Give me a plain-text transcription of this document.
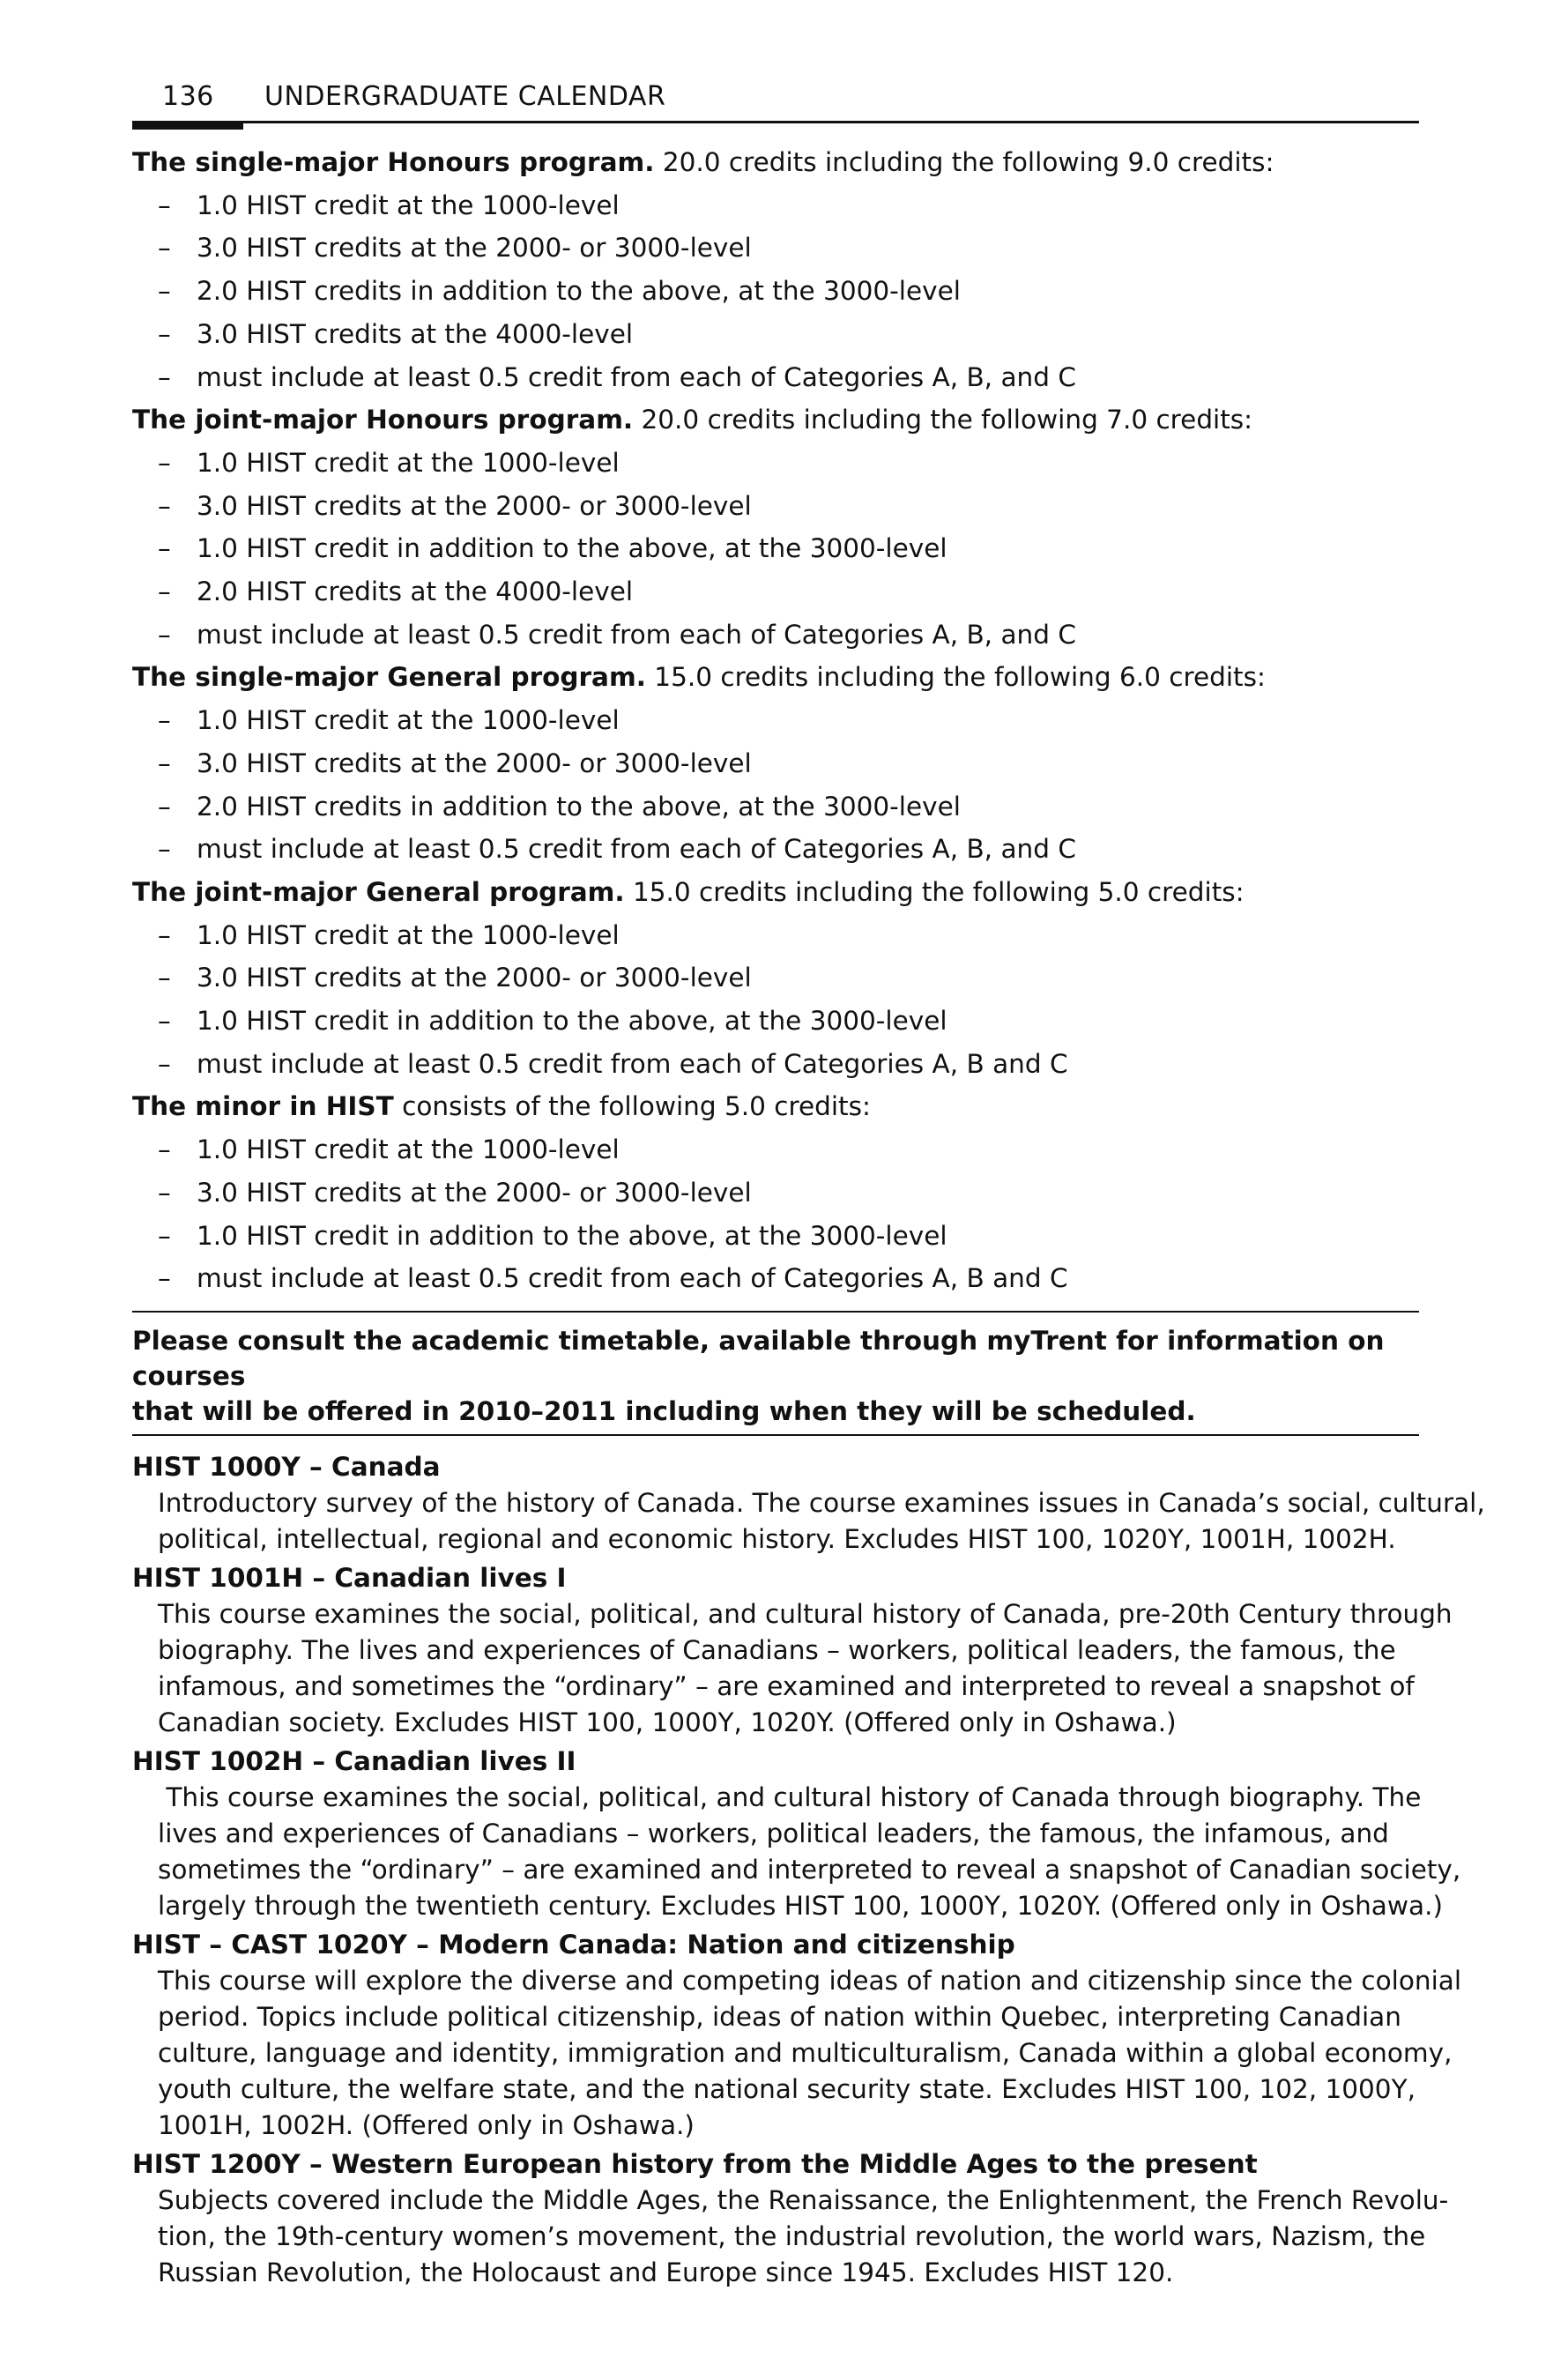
136 UNDERGRADUATE CALENDAR
The single-major Honours program. 20.0 credits including the following 9.0 credits:
– 1.0 HIST credit at the 1000-level
– 3.0 HIST credits at the 2000- or 3000-level
– 2.0 HIST credits in addition to the above, at the 3000-level
– 3.0 HIST credits at the 4000-level
– must include at least 0.5 credit from each of Categories A, B, and C
The joint-major Honours program. 20.0 credits including the following 7.0 credits:
– 1.0 HIST credit at the 1000-level
– 3.0 HIST credits at the 2000- or 3000-level
– 1.0 HIST credit in addition to the above, at the 3000-level
– 2.0 HIST credits at the 4000-level
– must include at least 0.5 credit from each of Categories A, B, and C
The single-major General program. 15.0 credits including the following 6.0 credits:
– 1.0 HIST credit at the 1000-level
– 3.0 HIST credits at the 2000- or 3000-level
– 2.0 HIST credits in addition to the above, at the 3000-level
– must include at least 0.5 credit from each of Categories A, B, and C
The joint-major General program. 15.0 credits including the following 5.0 credits:
– 1.0 HIST credit at the 1000-level
– 3.0 HIST credits at the 2000- or 3000-level
– 1.0 HIST credit in addition to the above, at the 3000-level
– must include at least 0.5 credit from each of Categories A, B and C
The minor in HIST consists of the following 5.0 credits:
– 1.0 HIST credit at the 1000-level
– 3.0 HIST credits at the 2000- or 3000-level
– 1.0 HIST credit in addition to the above, at the 3000-level
– must include at least 0.5 credit from each of Categories A, B and C

Please consult the academic timetable, available through myTrent for information on courses

that will be offered in 2010–2011 including when they will be scheduled.

HIST 1000Y – Canada
Introductory survey of the history of Canada. The course examines issues in Canada’s social, cultural,
political, intellectual, regional and economic history. Excludes HIST 100, 1020Y, 1001H, 1002H.
HIST 1001H – Canadian lives I
This course examines the social, political, and cultural history of Canada, pre-20th Century through
biography. The lives and experiences of Canadians – workers, political leaders, the famous, the
infamous, and sometimes the “ordinary” – are examined and interpreted to reveal a snapshot of
Canadian society. Excludes HIST 100, 1000Y, 1020Y. (Offered only in Oshawa.)
HIST 1002H – Canadian lives II
This course examines the social, political, and cultural history of Canada through biography. The
lives and experiences of Canadians – workers, political leaders, the famous, the infamous, and
sometimes the “ordinary” – are examined and interpreted to reveal a snapshot of Canadian society,
largely through the twentieth century. Excludes HIST 100, 1000Y, 1020Y. (Offered only in Oshawa.)
HIST – CAST 1020Y – Modern Canada: Nation and citizenship
This course will explore the diverse and competing ideas of nation and citizenship since the colonial
period. Topics include political citizenship, ideas of nation within Quebec, interpreting Canadian
culture, language and identity, immigration and multiculturalism, Canada within a global economy,
youth culture, the welfare state, and the national security state. Excludes HIST 100, 102, 1000Y,
1001H, 1002H. (Offered only in Oshawa.)
HIST 1200Y – Western European history from the Middle Ages to the present
Subjects covered include the Middle Ages, the Renaissance, the Enlightenment, the French Revolu-
tion, the 19th-century women’s movement, the industrial revolution, the world wars, Nazism, the
Russian Revolution, the Holocaust and Europe since 1945. Excludes HIST 120.
